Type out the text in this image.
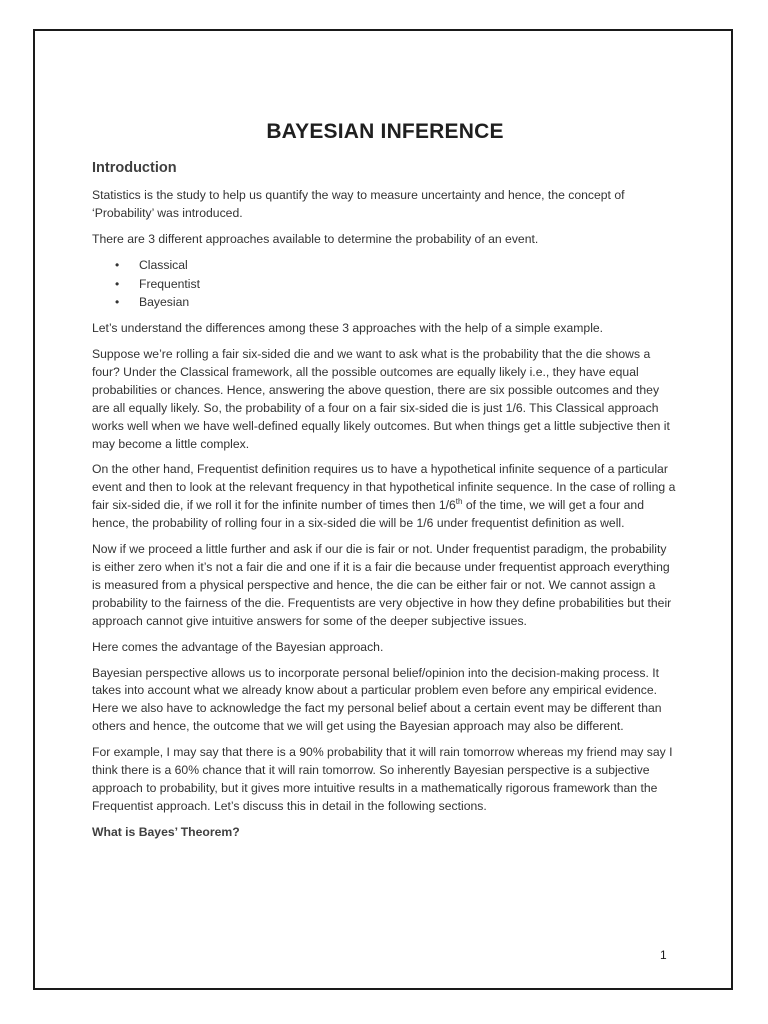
BAYESIAN INFERENCE
Introduction

Statistics is the study to help us quantify the way to measure uncertainty and hence, the concept of ‘Probability’ was introduced.

There are 3 different approaches available to determine the probability of an event.

•	Classical
•	Frequentist
•	Bayesian

Let’s understand the differences among these 3 approaches with the help of a simple example.

Suppose we’re rolling a fair six-sided die and we want to ask what is the probability that the die shows a four? Under the Classical framework, all the possible outcomes are equally likely i.e., they have equal probabilities or chances. Hence, answering the above question, there are six possible outcomes and they are all equally likely. So, the probability of a four on a fair six-sided die is just 1/6. This Classical approach works well when we have well-defined equally likely outcomes. But when things get a little subjective then it may become a little complex.

On the other hand, Frequentist definition requires us to have a hypothetical infinite sequence of a particular event and then to look at the relevant frequency in that hypothetical infinite sequence. In the case of rolling a fair six-sided die, if we roll it for the infinite number of times then 1/6th of the time, we will get a four and hence, the probability of rolling four in a six-sided die will be 1/6 under frequentist definition as well.

Now if we proceed a little further and ask if our die is fair or not. Under frequentist paradigm, the probability is either zero when it’s not a fair die and one if it is a fair die because under frequentist approach everything is measured from a physical perspective and hence, the die can be either fair or not. We cannot assign a probability to the fairness of the die. Frequentists are very objective in how they define probabilities but their approach cannot give intuitive answers for some of the deeper subjective issues.

Here comes the advantage of the Bayesian approach.

Bayesian perspective allows us to incorporate personal belief/opinion into the decision-making process. It takes into account what we already know about a particular problem even before any empirical evidence. Here we also have to acknowledge the fact my personal belief about a certain event may be different than others and hence, the outcome that we will get using the Bayesian approach may also be different.

For example, I may say that there is a 90% probability that it will rain tomorrow whereas my friend may say I think there is a 60% chance that it will rain tomorrow. So inherently Bayesian perspective is a subjective approach to probability, but it gives more intuitive results in a mathematically rigorous framework than the Frequentist approach. Let’s discuss this in detail in the following sections.

What is Bayes’ Theorem?

1
